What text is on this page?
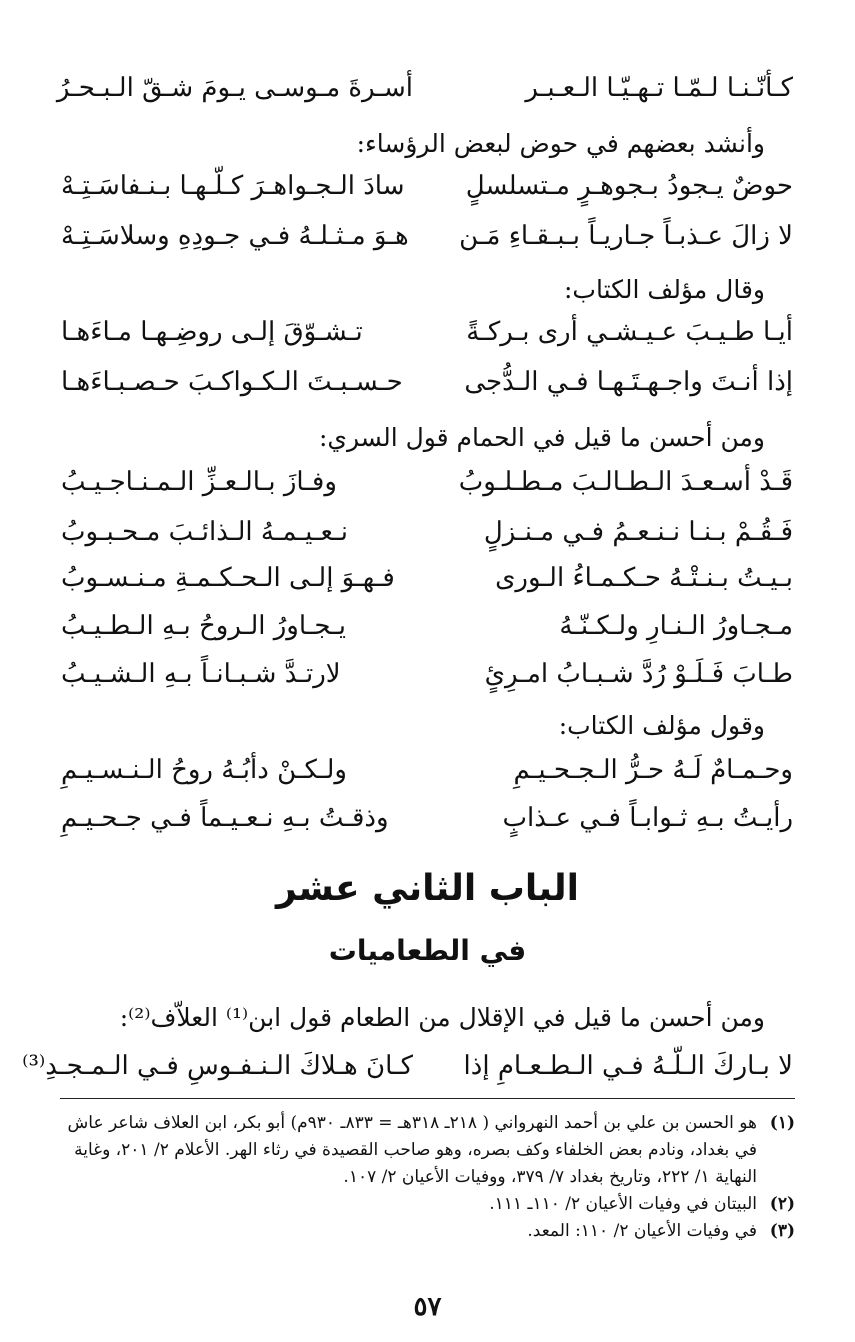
كـأنّـنـا لـمّـا تـهـيّـا الـعـبـر
أسـرةَ مـوسـى يـومَ شـقّ الـبـحـرُ
وأنشد بعضهم في حوض لبعض الرؤساء:
حوضٌ يـجودُ بـجوهـرٍ مـتسلسلٍ
سادَ الـجـواهـرَ كـلّـهـا بـنـفاسَـتِـهْ
لا زالَ عـذبـاً جـاريـاً بـبـقـاءِ مَـن
هـوَ مـثـلـهُ فـي جـودِهِ وسلاسَـتِـهْ
وقال مؤلف الكتاب:
أيـا طـيـبَ عـيـشـي أرى بـركـةً
تـشـوّقَ إلـى روضِـهـا مـاءَهـا
إذا أنـتَ واجـهـتَـهـا فـي الـدُّجى
حـسـبـتَ الـكـواكـبَ حـصـبـاءَهـا
ومن أحسن ما قيل في الحمام قول السري:
قَـدْ أسـعـدَ الـطـالـبَ مـطـلـوبُ
وفـازَ بـالـعـزِّ الـمـنـاجـيـبُ
فَـقُـمْ بـنـا نـنـعـمُ فـي مـنـزلٍ
نـعـيـمـهُ الـذائـبَ مـحـبـوبُ
بـيـتُ بـنـتْـهُ حـكـمـاءُ الـورى
فـهـوَ إلـى الـحـكـمـةِ مـنـسـوبُ
مـجـاورُ الـنـارِ ولـكـنّـهُ
يـجـاورُ الـروحُ بـهِ الـطـيـبُ
طـابَ فَـلَـوْ رُدَّ شـبـابُ امـرِئٍ
لارتـدَّ شـبـانـاً بـهِ الـشـيـبُ
وقول مؤلف الكتاب:
وحـمـامٌ لَـهُ حـرُّ الـجـحـيـمِ
ولـكـنْ دأبُـهُ روحُ الـنـسـيـمِ
رأيـتُ بـهِ ثـوابـاً فـي عـذابٍ
وذقـتُ بـهِ نـعـيـماً فـي جـحـيـمِ
الباب الثاني عشر
في الطعاميات
ومن أحسن ما قيل في الإقلال من الطعام قول ابن⁽¹⁾ العلاّف⁽²⁾:
لا بـاركَ الـلّـهُ فـي الـطـعـامِ إذا
كـانَ هـلاكَ الـنـفـوسِ فـي الـمـجـدِ⁽³⁾
(١)
هو الحسن بن علي بن أحمد النهرواني ( ٢١٨ـ ٣١٨هـ = ٨٣٣ـ ٩٣٠م) أبو بكر، ابن العلاف شاعر عاش في بغداد، ونادم بعض الخلفاء وكف بصره، وهو صاحب القصيدة في رثاء الهر. الأعلام ٢/ ٢٠١، وغاية النهاية ١/ ٢٢٢، وتاريخ بغداد ٧/ ٣٧٩، ووفيات الأعيان ٢/ ١٠٧.
(٢)
البيتان في وفيات الأعيان ٢/ ١١٠ـ ١١١.
(٣)
في وفيات الأعيان ٢/ ١١٠: المعد.
٥٧
